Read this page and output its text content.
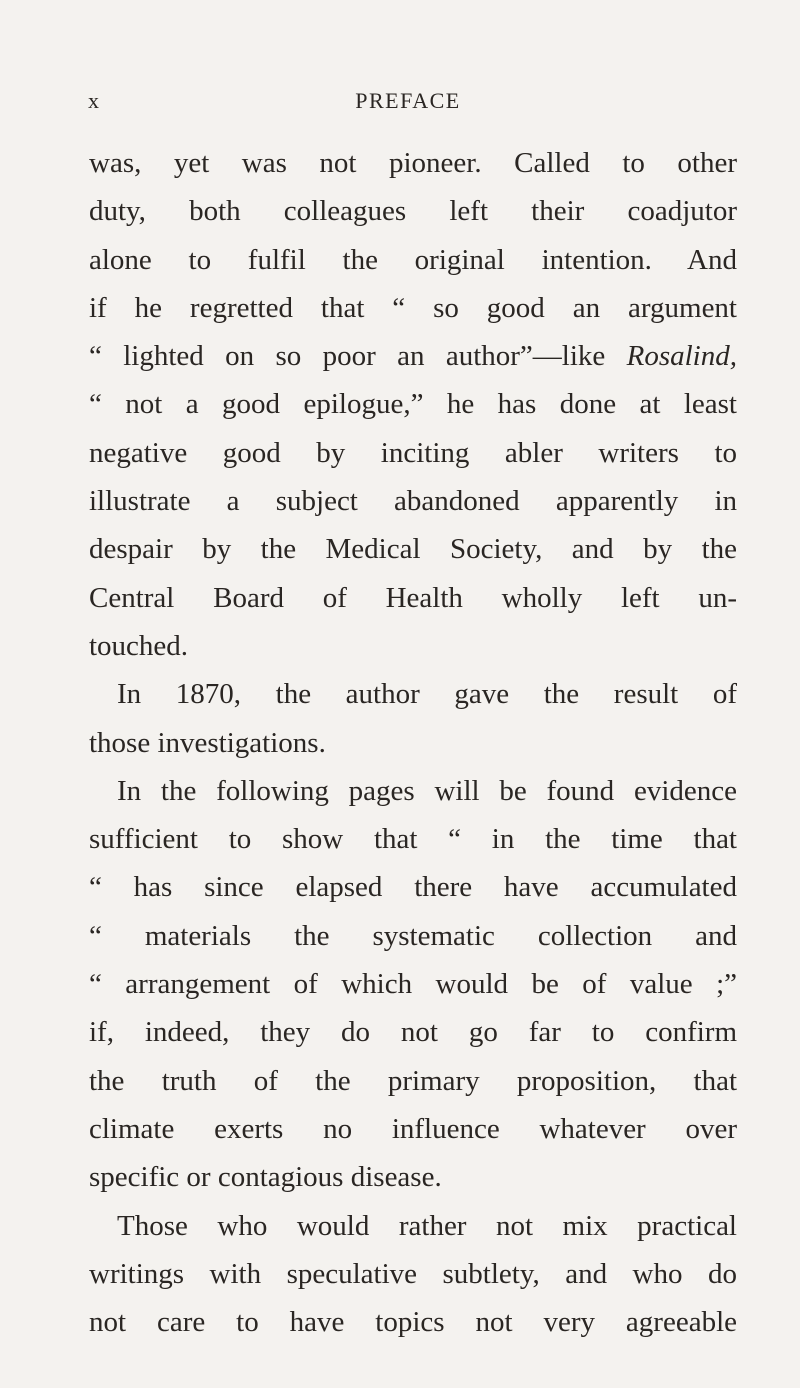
x	PREFACE
was, yet was not pioneer. Called to other
duty, both colleagues left their coadjutor
alone to fulfil the original intention. And
if he regretted that “ so good an argument
“ lighted on so poor an author”—like Rosalind,
“ not a good epilogue,” he has done at least
negative good by inciting abler writers to
illustrate a subject abandoned apparently in
despair by the Medical Society, and by the
Central Board of Health wholly left un-
touched.
In 1870, the author gave the result of
those investigations.
In the following pages will be found evidence
sufficient to show that “ in the time that
“ has since elapsed there have accumulated
“ materials the systematic collection and
“ arrangement of which would be of value ;”
if, indeed, they do not go far to confirm
the truth of the primary proposition, that
climate exerts no influence whatever over
specific or contagious disease.
Those who would rather not mix practical
writings with speculative subtlety, and who do
not care to have topics not very agreeable
